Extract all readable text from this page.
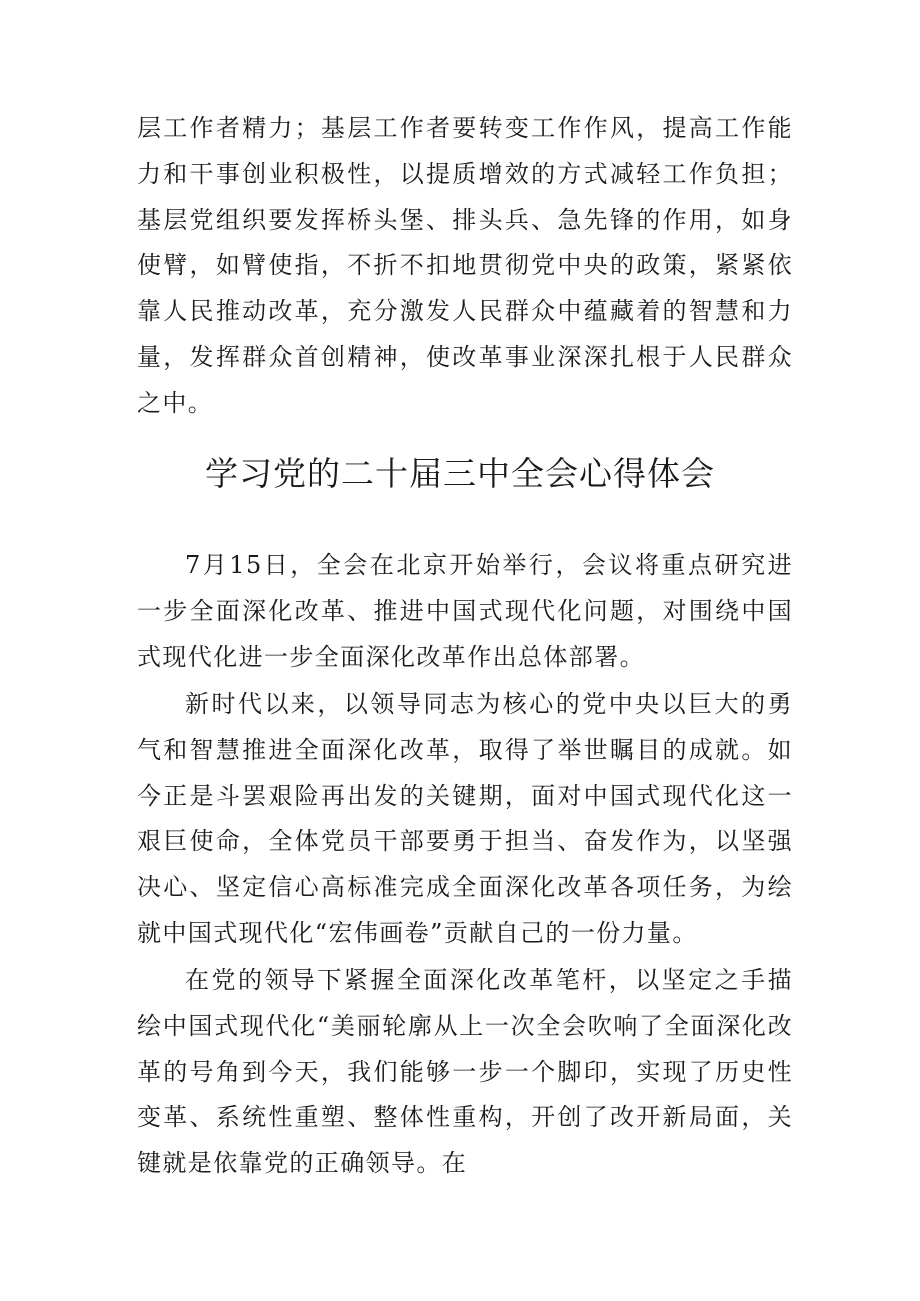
层工作者精力；基层工作者要转变工作作风，提高工作能力和干事创业积极性，以提质增效的方式减轻工作负担；基层党组织要发挥桥头堡、排头兵、急先锋的作用，如身使臂，如臂使指，不折不扣地贯彻党中央的政策，紧紧依靠人民推动改革，充分激发人民群众中蕴藏着的智慧和力量，发挥群众首创精神，使改革事业深深扎根于人民群众之中。

学习党的二十届三中全会心得体会

7月15日，全会在北京开始举行，会议将重点研究进一步全面深化改革、推进中国式现代化问题，对围绕中国式现代化进一步全面深化改革作出总体部署。

新时代以来，以领导同志为核心的党中央以巨大的勇气和智慧推进全面深化改革，取得了举世瞩目的成就。如今正是斗罢艰险再出发的关键期，面对中国式现代化这一艰巨使命，全体党员干部要勇于担当、奋发作为，以坚强决心、坚定信心高标准完成全面深化改革各项任务，为绘就中国式现代化“宏伟画卷”贡献自己的一份力量。

在党的领导下紧握全面深化改革笔杆，以坚定之手描绘中国式现代化“美丽轮廓从上一次全会吹响了全面深化改革的号角到今天，我们能够一步一个脚印，实现了历史性变革、系统性重塑、整体性重构，开创了改开新局面，关键就是依靠党的正确领导。在
